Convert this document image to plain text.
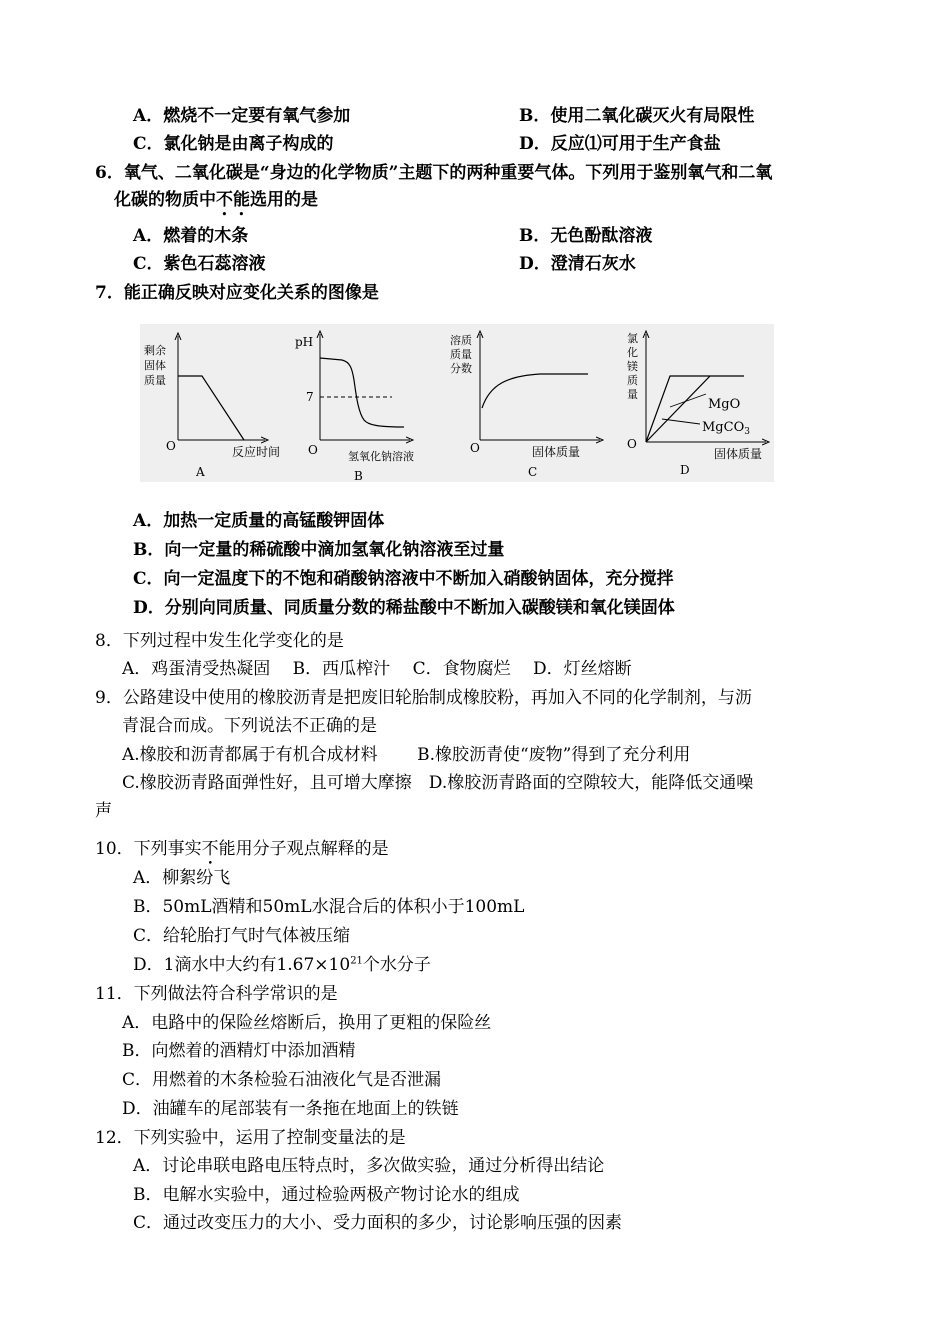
A．燃烧不一定要有氧气参加	B．使用二氧化碳灭火有局限性
C．氯化钠是由离子构成的	D．反应⑴可用于生产食盐
6．氧气、二氧化碳是“身边的化学物质”主题下的两种重要气体。下列用于鉴别氧气和二氧
化碳的物质中不能选用的是
A．燃着的木条	B．无色酚酞溶液
C．紫色石蕊溶液	D．澄清石灰水
7．能正确反映对应变化关系的图像是
剩余 固体 质量
O	反应时间
A
pH
7
O	氢氧化钠溶液
B
溶质 质量 分数
O	固体质量
C
氯 化 镁 质 量
MgO
MgCO$_3$
O
固体质量
D
A．加热一定质量的高锰酸钾固体
B．向一定量的稀硫酸中滴加氢氧化钠溶液至过量
C．向一定温度下的不饱和硝酸钠溶液中不断加入硝酸钠固体，充分搅拌
D．分别向同质量、同质量分数的稀盐酸中不断加入碳酸镁和氧化镁固体
8．下列过程中发生化学变化的是
A．鸡蛋清受热凝固　 B．西瓜榨汁　 C．食物腐烂　 D．灯丝熔断
9．公路建设中使用的橡胶沥青是把废旧轮胎制成橡胶粉，再加入不同的化学制剂，与沥
青混合而成。下列说法不正确的是
A.橡胶和沥青都属于有机合成材料　　 B.橡胶沥青使“废物”得到了充分利用
C.橡胶沥青路面弹性好，且可增大摩擦　D.橡胶沥青路面的空隙较大，能降低交通噪
声
10．下列事实不能用分子观点解释的是
A．柳絮纷飞
B．50mL酒精和50mL水混合后的体积小于100mL
C．给轮胎打气时气体被压缩
D．1滴水中大约有$1.67\times 10^{21}$个水分子
11．下列做法符合科学常识的是
A．电路中的保险丝熔断后，换用了更粗的保险丝
B．向燃着的酒精灯中添加酒精
C．用燃着的木条检验石油液化气是否泄漏
D．油罐车的尾部装有一条拖在地面上的铁链
12．下列实验中，运用了控制变量法的是
A．讨论串联电路电压特点时，多次做实验，通过分析得出结论
B．电解水实验中，通过检验两极产物讨论水的组成
C．通过改变压力的大小、受力面积的多少，讨论影响压强的因素
